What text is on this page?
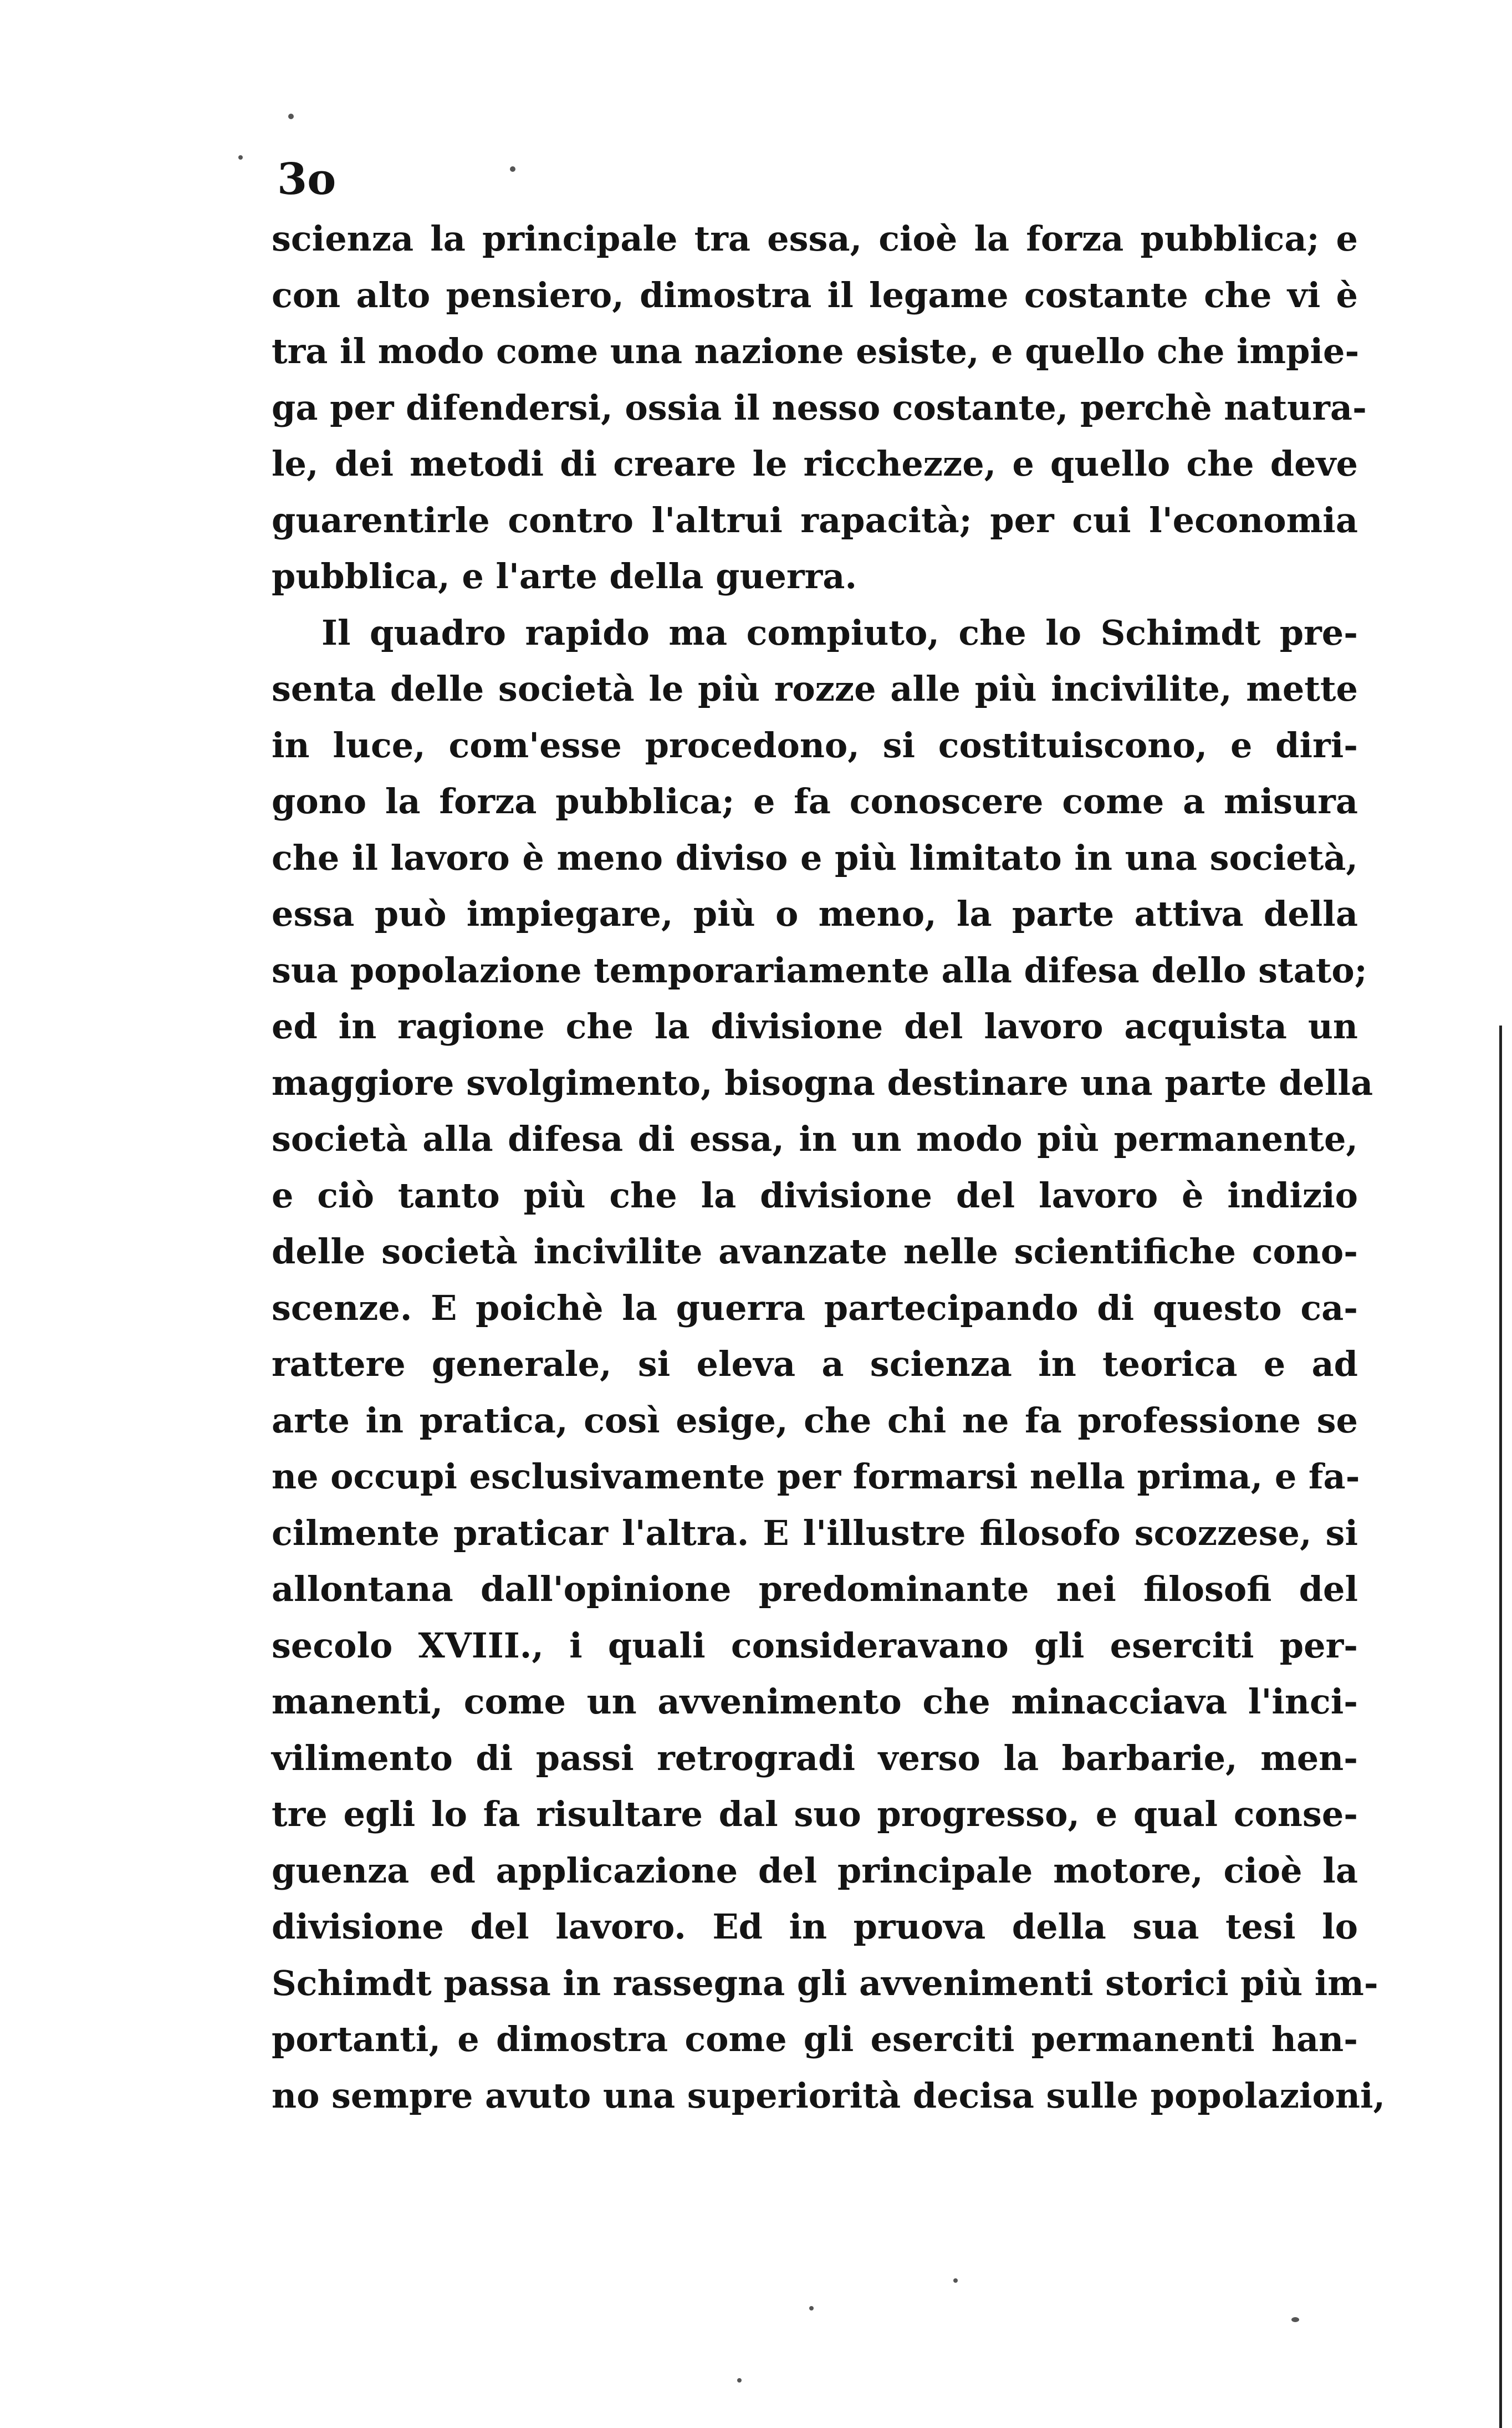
3o
scienza la principale tra essa, cioè la forza pubblica; e
con alto pensiero, dimostra il legame costante che vi è
tra il modo come una nazione esiste, e quello che impie-
ga per difendersi, ossia il nesso costante, perchè natura-
le, dei metodi di creare le ricchezze, e quello che deve
guarentirle contro l'altrui rapacità; per cui l'economia
pubblica, e l'arte della guerra.
Il quadro rapido ma compiuto, che lo Schimdt pre-
senta delle società le più rozze alle più incivilite, mette
in luce, com'esse procedono, si costituiscono, e diri-
gono la forza pubblica; e fa conoscere come a misura
che il lavoro è meno diviso e più limitato in una società,
essa può impiegare, più o meno, la parte attiva della
sua popolazione temporariamente alla difesa dello stato;
ed in ragione che la divisione del lavoro acquista un
maggiore svolgimento, bisogna destinare una parte della
società alla difesa di essa, in un modo più permanente,
e ciò tanto più che la divisione del lavoro è indizio
delle società incivilite avanzate nelle scientifiche cono-
scenze. E poichè la guerra partecipando di questo ca-
rattere generale, si eleva a scienza in teorica e ad
arte in pratica, così esige, che chi ne fa professione se
ne occupi esclusivamente per formarsi nella prima, e fa-
cilmente praticar l'altra. E l'illustre filosofo scozzese, si
allontana dall'opinione predominante nei filosofi del
secolo XVIII., i quali consideravano gli eserciti per-
manenti, come un avvenimento che minacciava l'inci-
vilimento di passi retrogradi verso la barbarie, men-
tre egli lo fa risultare dal suo progresso, e qual conse-
guenza ed applicazione del principale motore, cioè la
divisione del lavoro. Ed in pruova della sua tesi lo
Schimdt passa in rassegna gli avvenimenti storici più im-
portanti, e dimostra come gli eserciti permanenti han-
no sempre avuto una superiorità decisa sulle popolazioni,
